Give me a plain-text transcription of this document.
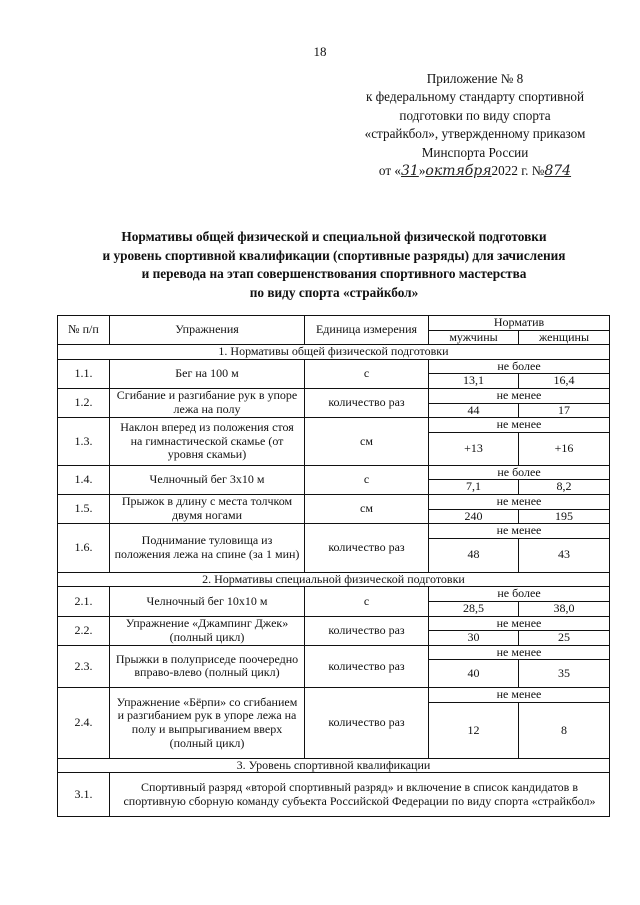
18
Приложение № 8
к федеральному стандарту спортивной
подготовки по виду спорта
«страйкбол», утвержденному приказом
Минспорта России
от « 31 » октября 2022 г. № 874
Нормативы общей физической и специальной физической подготовки
и уровень спортивной квалификации (спортивные разряды) для зачисления
и перевода на этап совершенствования спортивного мастерства
по виду спорта «страйкбол»
№ п/п	Упражнения	Единица измерения	Норматив	
			мужчины	женщины
1. Нормативы общей физической подготовки				
1.1.	Бег на 100 м	с	не более	
			13,1	16,4
1.2.	Сгибание и разгибание рук в упоре лежа на полу	количество раз	не менее	
			44	17
1.3.	Наклон вперед из положения стоя на гимнастической скамье (от уровня скамьи)	см	не менее	
			+13	+16
1.4.	Челночный бег 3х10 м	с	не более	
			7,1	8,2
1.5.	Прыжок в длину с места толчком двумя ногами	см	не менее	
			240	195
1.6.	Поднимание туловища из положения лежа на спине (за 1 мин)	количество раз	не менее	
			48	43
2. Нормативы специальной физической подготовки				
2.1.	Челночный бег 10х10 м	с	не более	
			28,5	38,0
2.2.	Упражнение «Джампинг Джек» (полный цикл)	количество раз	не менее	
			30	25
2.3.	Прыжки в полуприседе поочередно вправо-влево (полный цикл)	количество раз	не менее	
			40	35
2.4.	Упражнение «Бёрпи» со сгибанием и разгибанием рук в упоре лежа на полу и выпрыгиванием вверх (полный цикл)	количество раз	не менее	
			12	8
3. Уровень спортивной квалификации				
3.1.	Спортивный разряд «второй спортивный разряд» и включение в список кандидатов в спортивную сборную команду субъекта Российской Федерации по виду спорта «страйкбол»			
